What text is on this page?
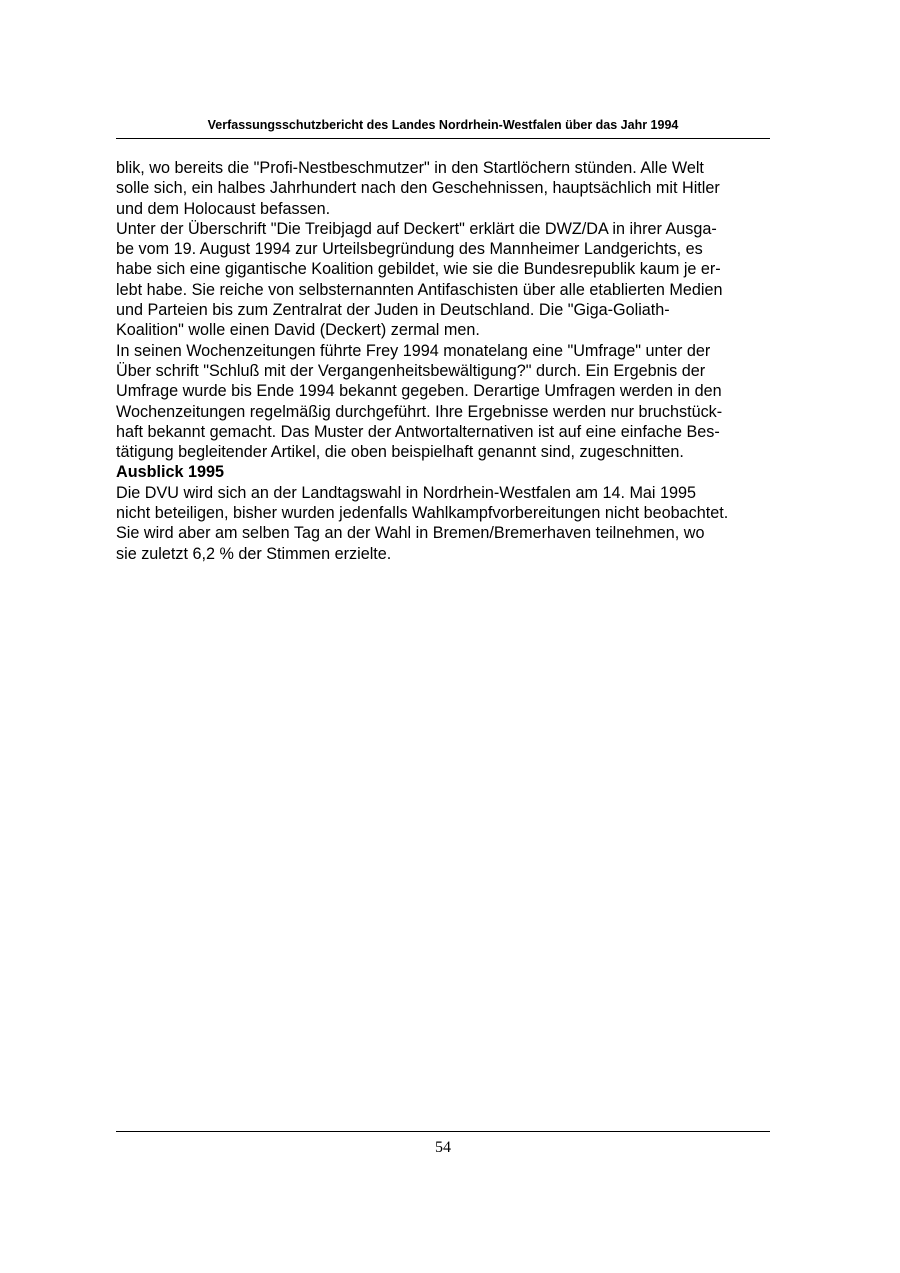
Verfassungsschutzbericht des Landes Nordrhein-Westfalen über das Jahr 1994
blik, wo bereits die "Profi-Nestbeschmutzer" in den Startlöchern stünden. Alle Welt
solle sich, ein halbes Jahrhundert nach den Geschehnissen, hauptsächlich mit Hitler
und dem Holocaust befassen.
Unter der Überschrift "Die Treibjagd auf Deckert" erklärt die DWZ/DA in ihrer Ausga-
be vom 19. August 1994 zur Urteilsbegründung des Mannheimer Landgerichts, es
habe sich eine gigantische Koalition gebildet, wie sie die Bundesrepublik kaum je er-
lebt habe. Sie reiche von selbsternannten Antifaschisten über alle etablierten Medien
und Parteien bis zum Zentralrat der Juden in Deutschland. Die "Giga-Goliath-
Koalition" wolle einen David (Deckert) zermal men.
In seinen Wochenzeitungen führte Frey 1994 monatelang eine "Umfrage" unter der
Über schrift "Schluß mit der Vergangenheitsbewältigung?" durch. Ein Ergebnis der
Umfrage wurde bis Ende 1994 bekannt gegeben. Derartige Umfragen werden in den
Wochenzeitungen regelmäßig durchgeführt. Ihre Ergebnisse werden nur bruchstück-
haft bekannt gemacht. Das Muster der Antwortalternativen ist auf eine einfache Bes-
tätigung begleitender Artikel, die oben beispielhaft genannt sind, zugeschnitten.
Ausblick 1995
Die DVU wird sich an der Landtagswahl in Nordrhein-Westfalen am 14. Mai 1995
nicht beteiligen, bisher wurden jedenfalls Wahlkampfvorbereitungen nicht beobachtet.
Sie wird aber am selben Tag an der Wahl in Bremen/Bremerhaven teilnehmen, wo
sie zuletzt 6,2 % der Stimmen erzielte.
54
